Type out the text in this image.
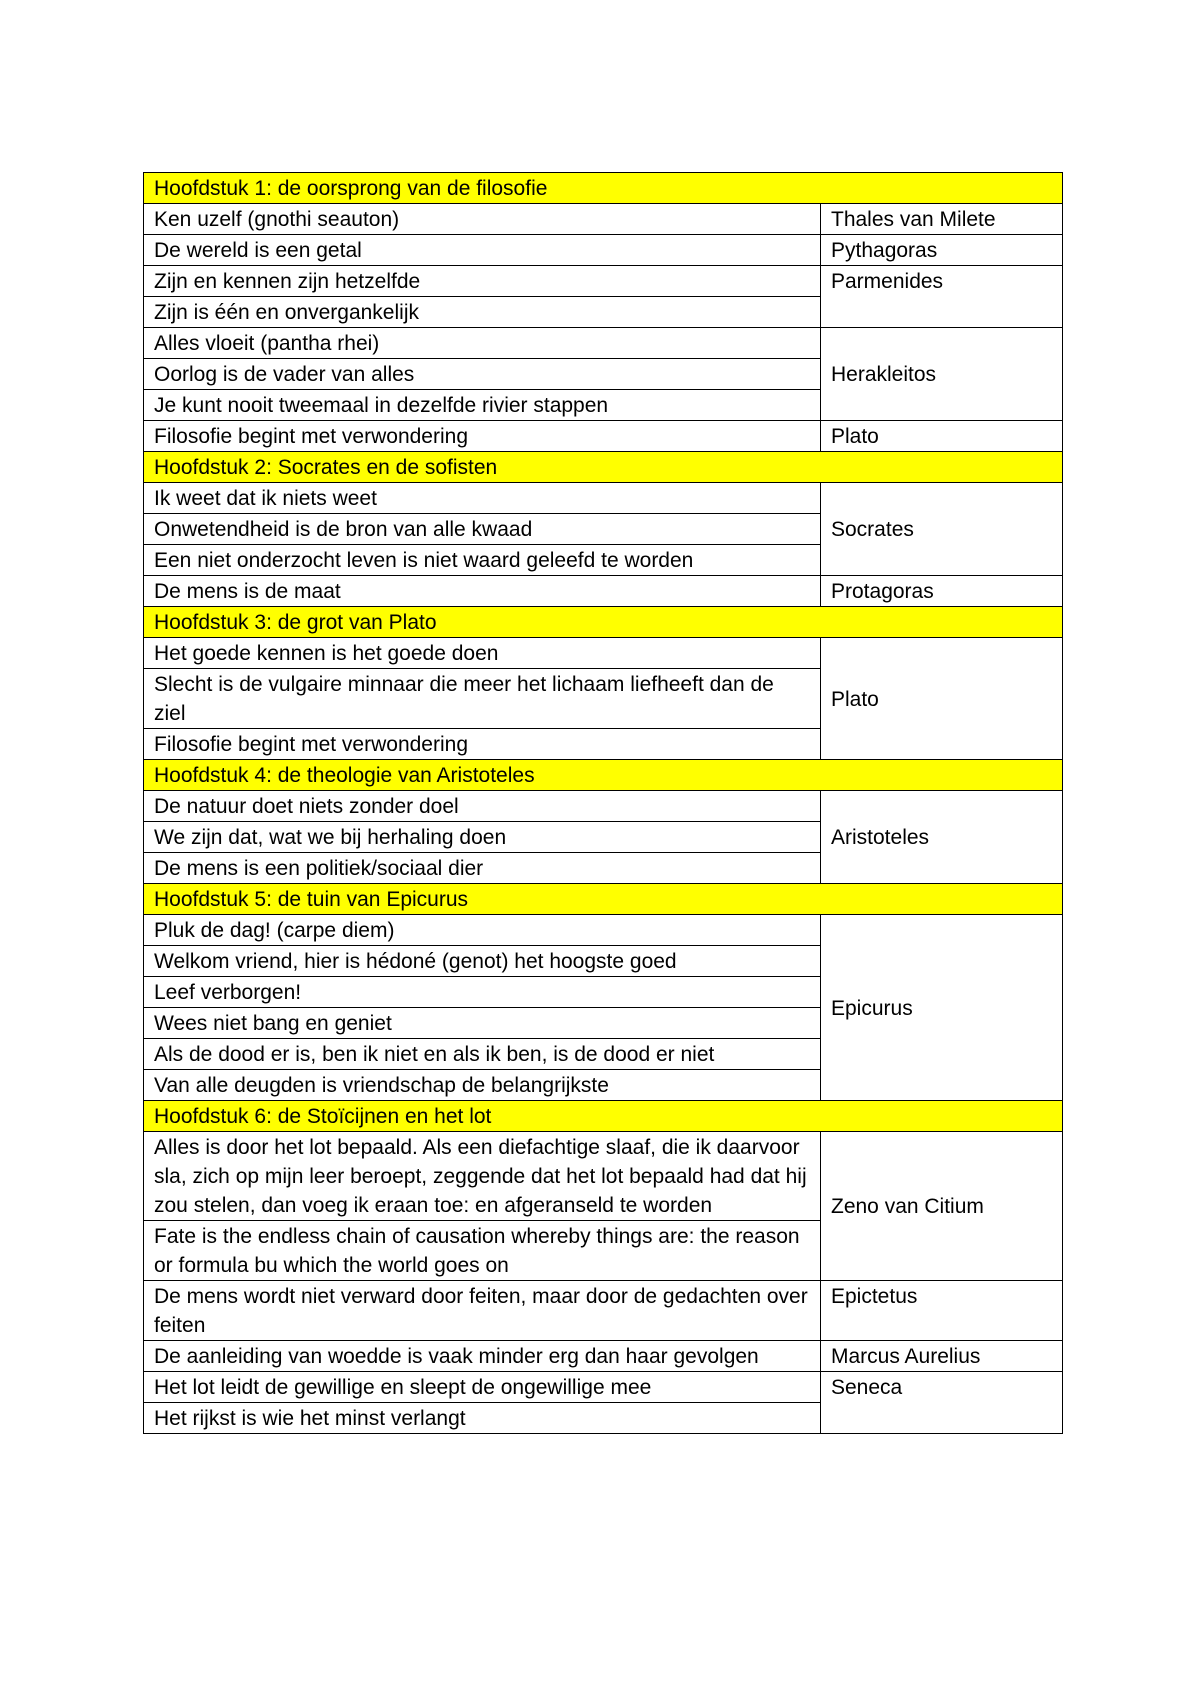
Hoofdstuk 1: de oorsprong van de filosofie	
Ken uzelf (gnothi seauton)	Thales van Milete
De wereld is een getal	Pythagoras
Zijn en kennen zijn hetzelfde	Parmenides
Zijn is één en onvergankelijk	
Alles vloeit (pantha rhei)	Herakleitos
Oorlog is de vader van alles	
Je kunt nooit tweemaal in dezelfde rivier stappen	
Filosofie begint met verwondering	Plato
Hoofdstuk 2: Socrates en de sofisten	
Ik weet dat ik niets weet	Socrates
Onwetendheid is de bron van alle kwaad	
Een niet onderzocht leven is niet waard geleefd te worden	
De mens is de maat	Protagoras
Hoofdstuk 3: de grot van Plato	
Het goede kennen is het goede doen	Plato
Slecht is de vulgaire minnaar die meer het lichaam liefheeft dan de ziel	
Filosofie begint met verwondering	
Hoofdstuk 4: de theologie van Aristoteles	
De natuur doet niets zonder doel	Aristoteles
We zijn dat, wat we bij herhaling doen	
De mens is een politiek/sociaal dier	
Hoofdstuk 5: de tuin van Epicurus	
Pluk de dag! (carpe diem)	Epicurus
Welkom vriend, hier is hédoné (genot) het hoogste goed	
Leef verborgen!	
Wees niet bang en geniet	
Als de dood er is, ben ik niet en als ik ben, is de dood er niet	
Van alle deugden is vriendschap de belangrijkste	
Hoofdstuk 6: de Stoïcijnen en het lot	
Alles is door het lot bepaald. Als een diefachtige slaaf, die ik daarvoor sla, zich op mijn leer beroept, zeggende dat het lot bepaald had dat hij zou stelen, dan voeg ik eraan toe: en afgeranseld te worden	Zeno van Citium
Fate is the endless chain of causation whereby things are: the reason or formula bu which the world goes on	
De mens wordt niet verward door feiten, maar door de gedachten over feiten	Epictetus
De aanleiding van woedde is vaak minder erg dan haar gevolgen	Marcus Aurelius
Het lot leidt de gewillige en sleept de ongewillige mee	Seneca
Het rijkst is wie het minst verlangt	
